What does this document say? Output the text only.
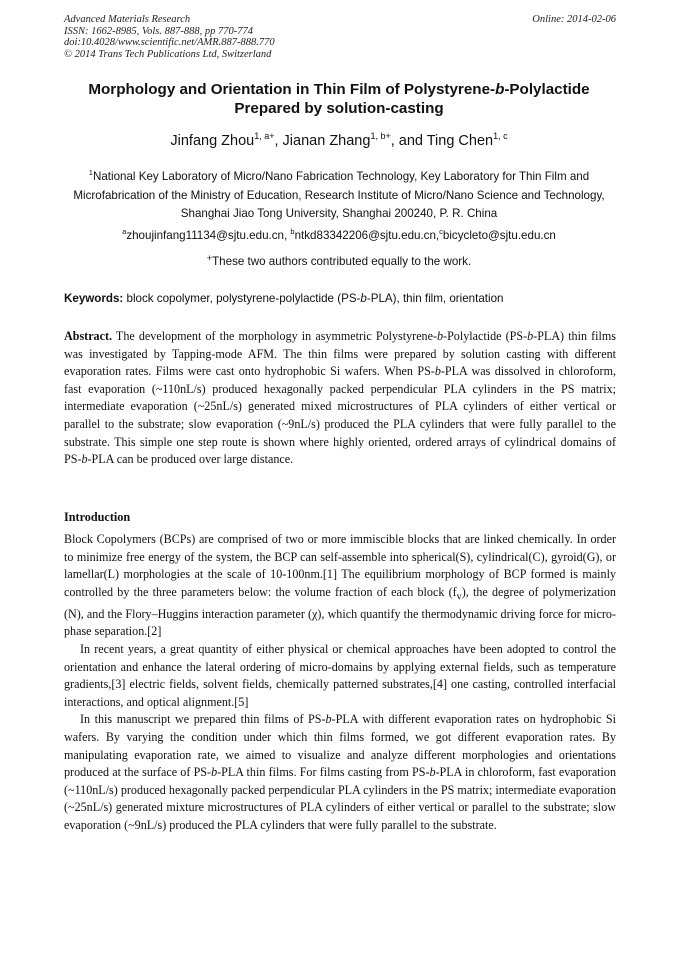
Advanced Materials Research
ISSN: 1662-8985, Vols. 887-888, pp 770-774
doi:10.4028/www.scientific.net/AMR.887-888.770
© 2014 Trans Tech Publications Ltd, Switzerland
Online: 2014-02-06
Morphology and Orientation in Thin Film of Polystyrene-b-Polylactide
Prepared by solution-casting
Jinfang Zhou$^{1, a+}$, Jianan Zhang$^{1, b+}$, and Ting Chen$^{1, c}$
$^1$National Key Laboratory of Micro/Nano Fabrication Technology, Key Laboratory for Thin Film and Microfabrication of the Ministry of Education, Research Institute of Micro/Nano Science and Technology, Shanghai Jiao Tong University, Shanghai 200240, P. R. China
$^a$zhoujinfang11134@sjtu.edu.cn, $^b$ntkd83342206@sjtu.edu.cn,$^c$bicycleto@sjtu.edu.cn
+These two authors contributed equally to the work.
Keywords: block copolymer, polystyrene-polylactide (PS-b-PLA), thin film, orientation
Abstract. The development of the morphology in asymmetric Polystyrene-b-Polylactide (PS-b-PLA) thin films was investigated by Tapping-mode AFM. The thin films were prepared by solution casting with different evaporation rates. Films were cast onto hydrophobic Si wafers. When PS-b-PLA was dissolved in chloroform, fast evaporation (~110nL/s) produced hexagonally packed perpendicular PLA cylinders in the PS matrix; intermediate evaporation (~25nL/s) generated mixed microstructures of PLA cylinders of either vertical or parallel to the substrate; slow evaporation (~9nL/s) produced the PLA cylinders that were fully parallel to the substrate. This simple one step route is shown where highly oriented, ordered arrays of cylindrical domains of PS-b-PLA can be produced over large distance.
Introduction

Block Copolymers (BCPs) are comprised of two or more immiscible blocks that are linked chemically. In order to minimize free energy of the system, the BCP can self-assemble into spherical(S), cylindrical(C), gyroid(G), or lamellar(L) morphologies at the scale of 10-100nm.[1] The equilibrium morphology of BCP formed is mainly controlled by the three parameters below: the volume fraction of each block $(f_v)$, the degree of polymerization (N), and the Flory–Huggins interaction parameter (χ), which quantify the thermodynamic driving force for micro-phase separation.[2]

In recent years, a great quantity of either physical or chemical approaches have been adopted to control the orientation and enhance the lateral ordering of micro-domains by applying external fields, such as temperature gradients,[3] electric fields, solvent fields, chemically patterned substrates,[4] one casting, controlled interfacial interactions, and optical alignment.[5]

In this manuscript we prepared thin films of PS-b-PLA with different evaporation rates on hydrophobic Si wafers. By varying the condition under which thin films formed, we got different evaporation rates. By manipulating evaporation rate, we aimed to visualize and analyze different morphologies and orientations produced at the surface of PS-b-PLA thin films. For films casting from PS-b-PLA in chloroform, fast evaporation (~110nL/s) produced hexagonally packed perpendicular PLA cylinders in the PS matrix; intermediate evaporation (~25nL/s) generated mixture microstructures of PLA cylinders of either vertical or parallel to the substrate; slow evaporation (~9nL/s) produced the PLA cylinders that were fully parallel to the substrate.
